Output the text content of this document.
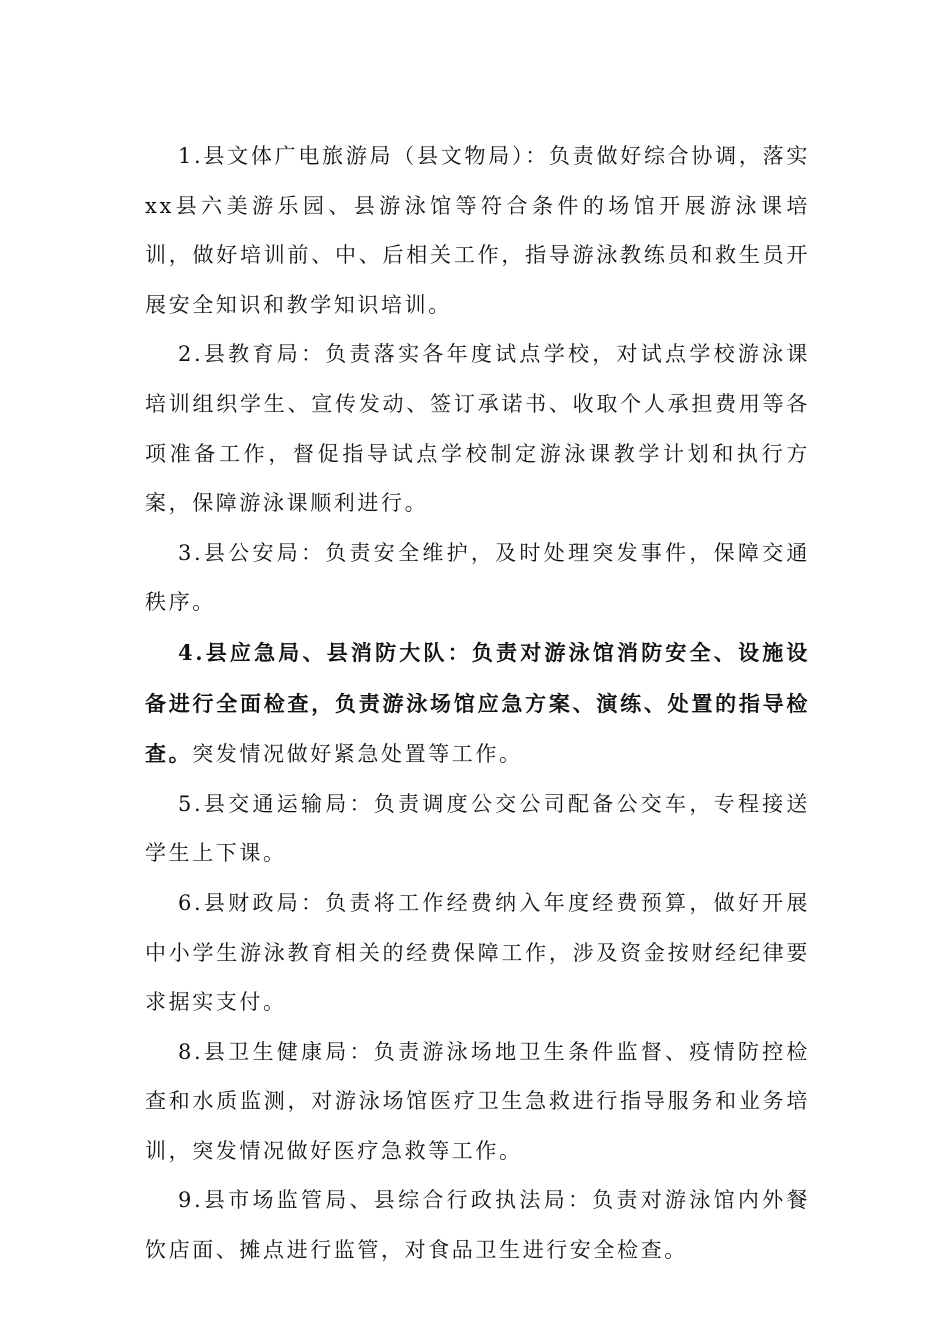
1.县文体广电旅游局（县文物局）：负责做好综合协调，落实xx县六美游乐园、县游泳馆等符合条件的场馆开展游泳课培训，做好培训前、中、后相关工作，指导游泳教练员和救生员开展安全知识和教学知识培训。

2.县教育局：负责落实各年度试点学校，对试点学校游泳课培训组织学生、宣传发动、签订承诺书、收取个人承担费用等各项准备工作，督促指导试点学校制定游泳课教学计划和执行方案，保障游泳课顺利进行。

3.县公安局：负责安全维护，及时处理突发事件，保障交通秩序。

4.县应急局、县消防大队：负责对游泳馆消防安全、设施设备进行全面检查，负责游泳场馆应急方案、演练、处置的指导检查。突发情况做好紧急处置等工作。

5.县交通运输局：负责调度公交公司配备公交车，专程接送学生上下课。

6.县财政局：负责将工作经费纳入年度经费预算，做好开展中小学生游泳教育相关的经费保障工作，涉及资金按财经纪律要求据实支付。

8.县卫生健康局：负责游泳场地卫生条件监督、疫情防控检查和水质监测，对游泳场馆医疗卫生急救进行指导服务和业务培训，突发情况做好医疗急救等工作。

9.县市场监管局、县综合行政执法局：负责对游泳馆内外餐饮店面、摊点进行监管，对食品卫生进行安全检查。
